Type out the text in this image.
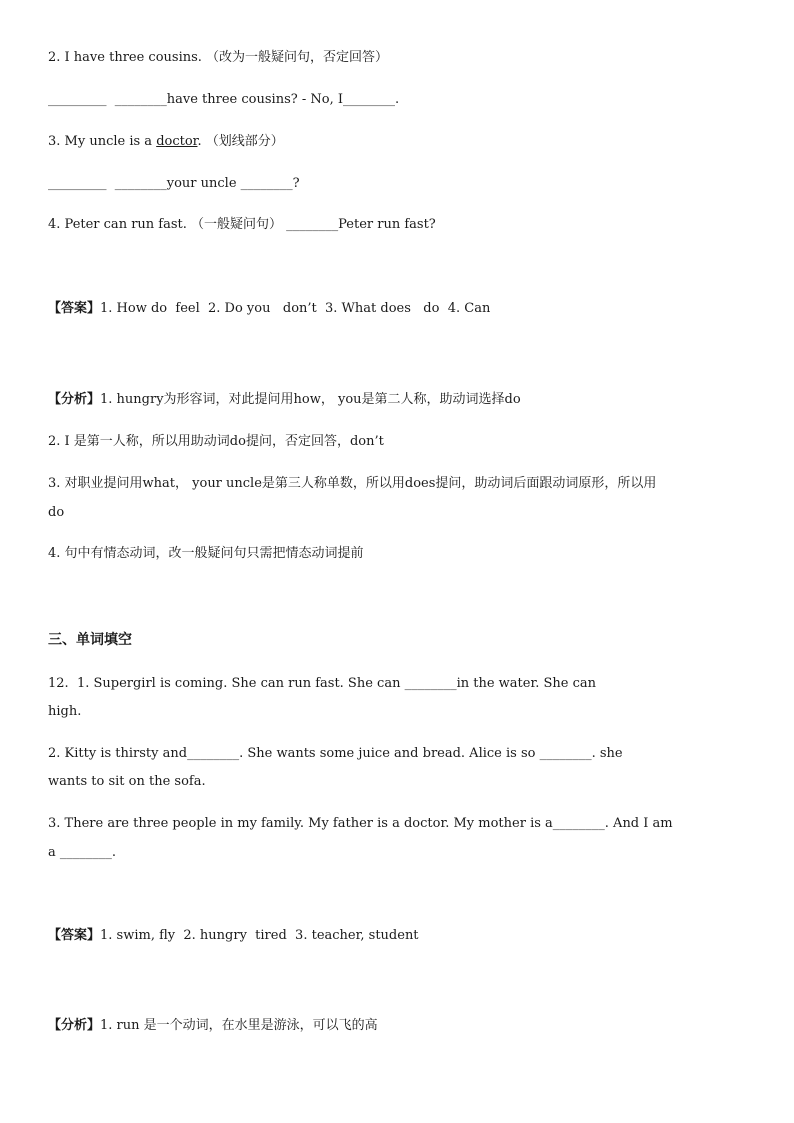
2. I have three cousins. （改为一般疑问句，否定回答）
_________  ________have three cousins? - No, I________.
3. My uncle is a doctor. （划线部分）
_________  ________your uncle ________?
4. Peter can run fast. （一般疑问句） ________Peter run fast?
【答案】1. How do  feel  2. Do you   don’t  3. What does   do  4. Can
【分析】1. hungry为形容词，对此提问用how， you是第二人称，助动词选择do
2. I 是第一人称，所以用助动词do提问，否定回答，don’t
3. 对职业提问用what， your uncle是第三人称单数，所以用does提问，助动词后面跟动词原形，所以用
do
4. 句中有情态动词，改一般疑问句只需把情态动词提前
三、单词填空
12.  1. Supergirl is coming. She can run fast. She can ________in the water. She can
high.
2. Kitty is thirsty and________. She wants some juice and bread. Alice is so ________. she
wants to sit on the sofa.
3. There are three people in my family. My father is a doctor. My mother is a________. And I am
a ________.
【答案】1. swim, fly  2. hungry  tired  3. teacher, student
【分析】1. run 是一个动词，在水里是游泳，可以飞的高
